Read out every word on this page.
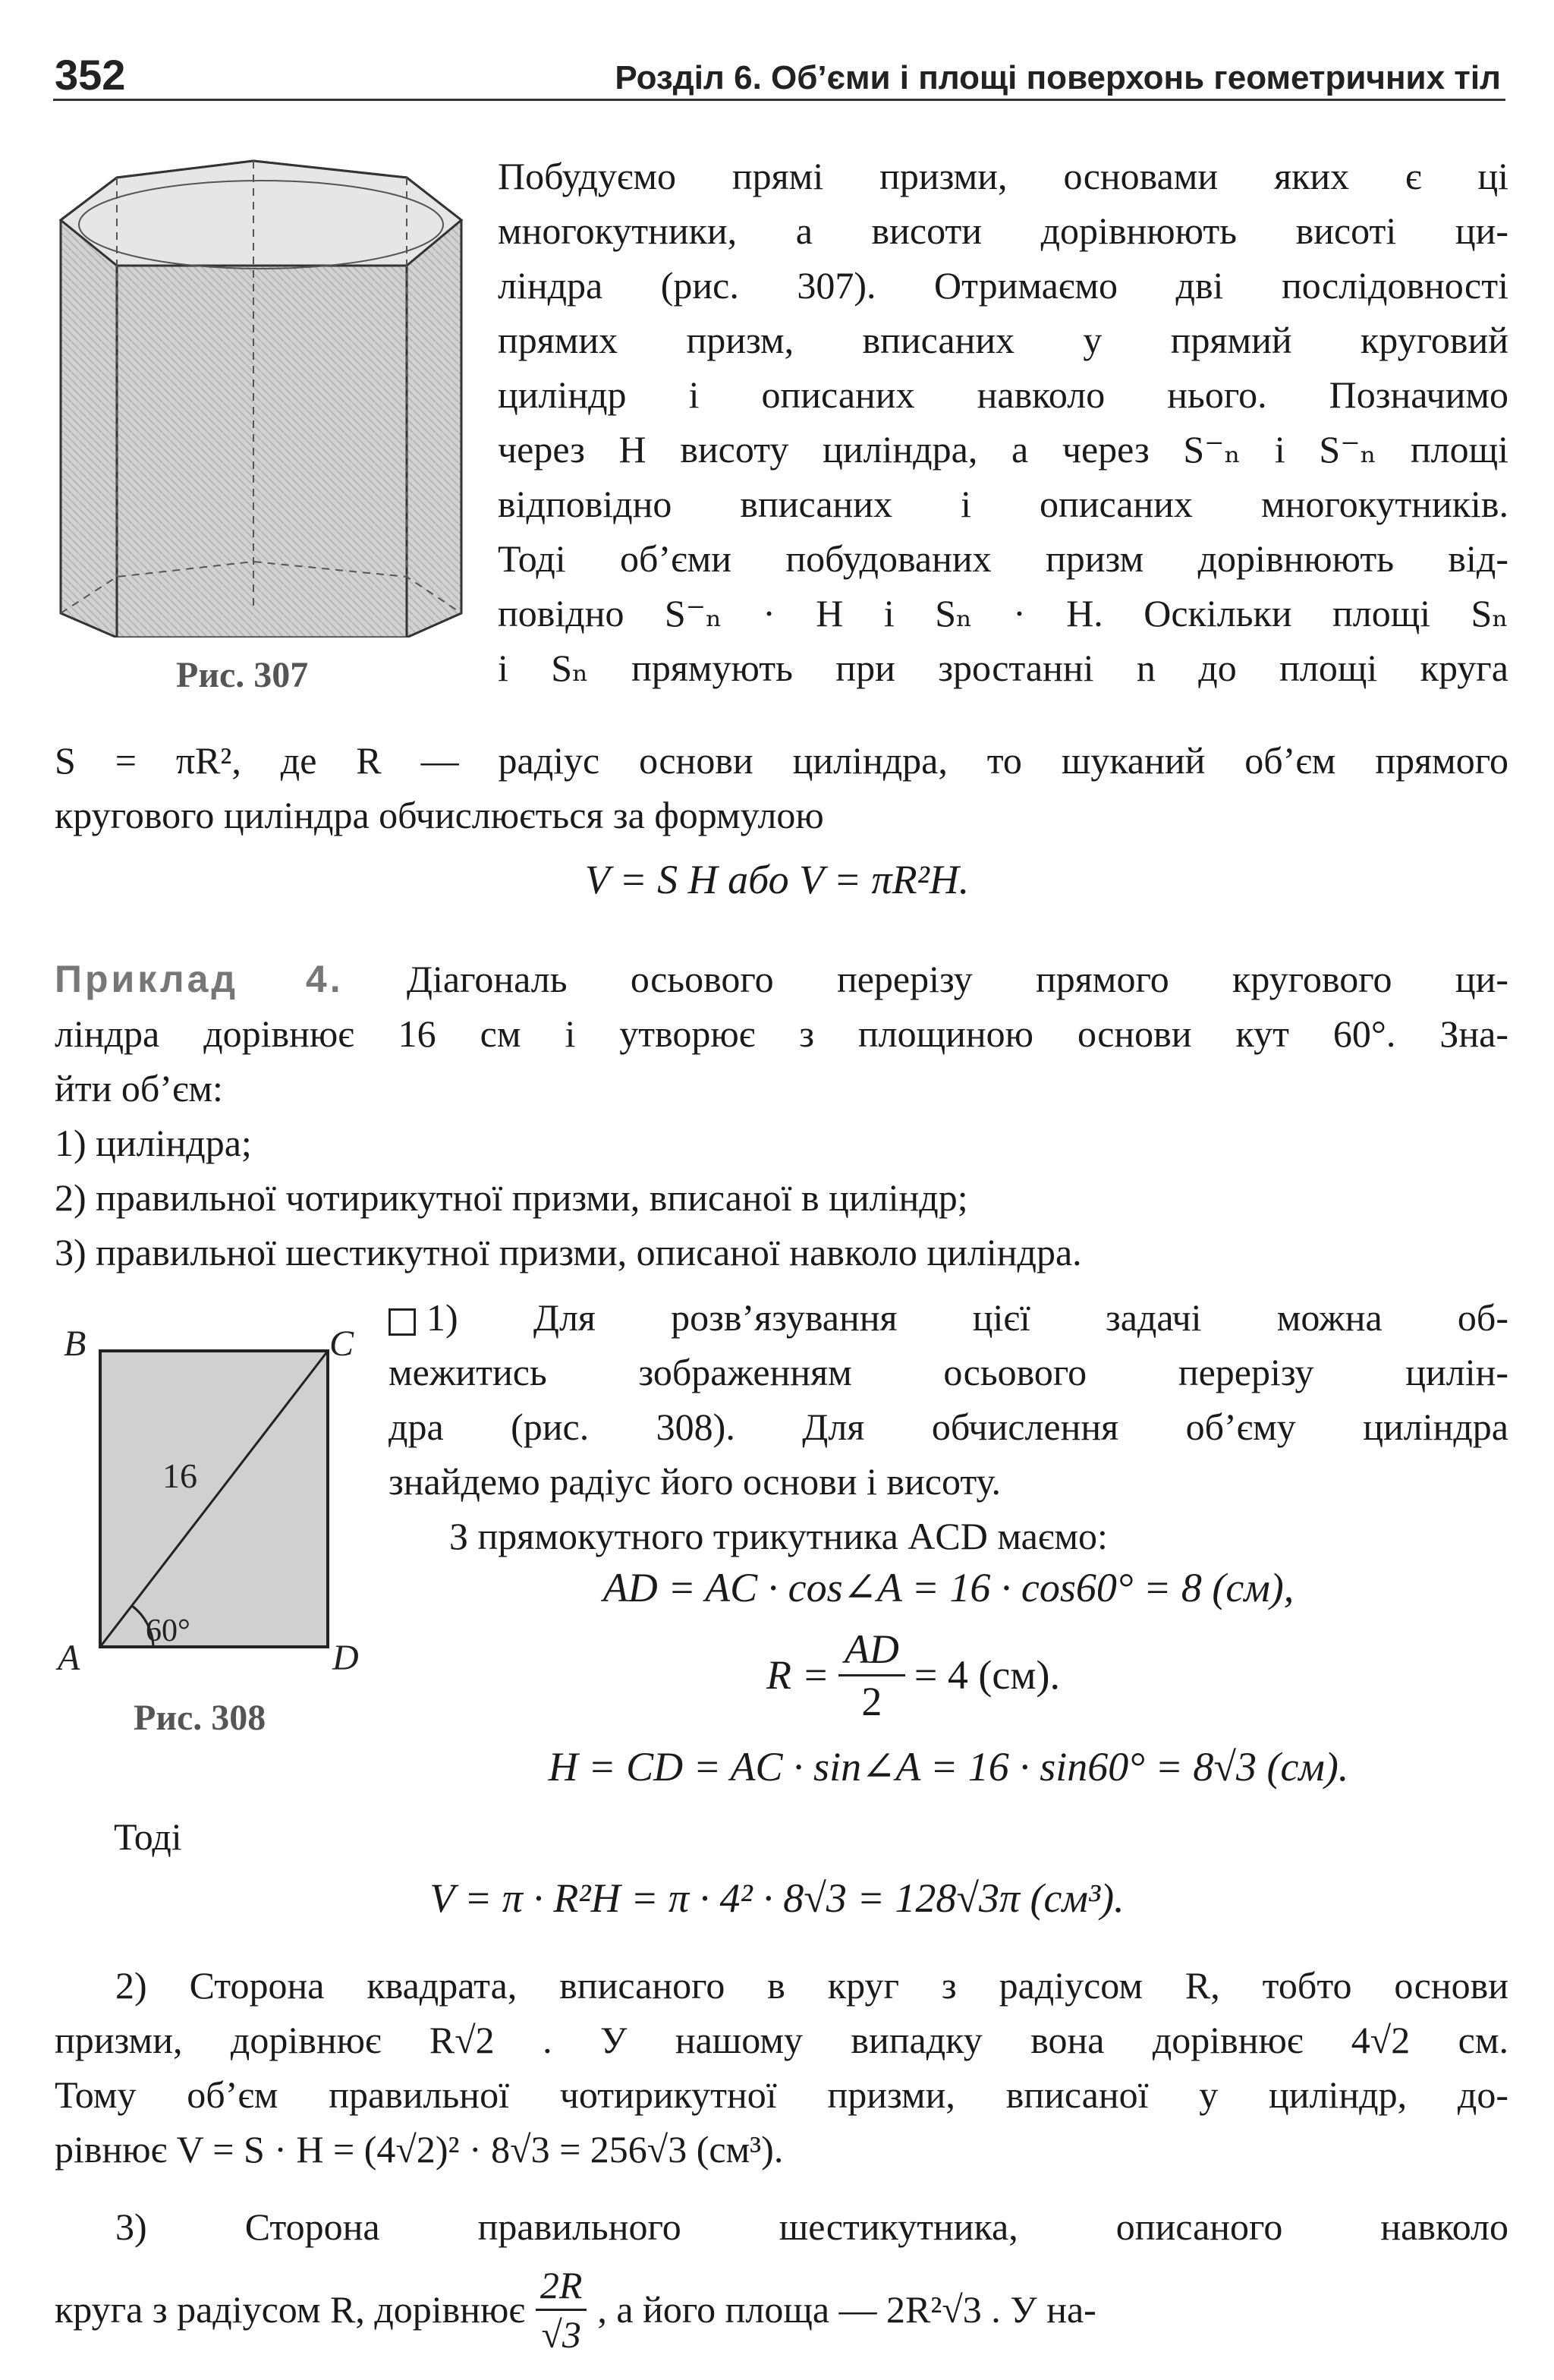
352	Розділ 6. Об’єми і площі поверхонь геометричних тіл
Рис. 307
Побудуємо прямі призми, основами яких є ці
многокутники, а висоти дорівнюють висоті ци-
ліндра (рис. 307). Отримаємо дві послідовності
прямих призм, вписаних у прямий круговий
циліндр і описаних навколо нього. Позначимо
через H висоту циліндра, а через S⁻ₙ і S⁻ₙ площі
відповідно вписаних і описаних многокутників.
Тоді об’єми побудованих призм дорівнюють від-
повідно S⁻ₙ · H і Sₙ · H. Оскільки площі Sₙ
і Sₙ прямують при зростанні n до площі круга
S = πR², де R — радіус основи циліндра, то шуканий об’єм прямого
кругового циліндра обчислюється за формулою
V = S H або V = πR²H.
Приклад 4. Діагональ осьового перерізу прямого кругового ци-
ліндра дорівнює 16 см і утворює з площиною основи кут 60°. Зна-
йти об’єм:
1) циліндра;
2) правильної чотирикутної призми, вписаної в циліндр;
3) правильної шестикутної призми, описаної навколо циліндра.
B	C
A	D
16
60°
Рис. 308
1) Для розв’язування цієї задачі можна об-
межитись зображенням осьового перерізу цилін-
дра (рис. 308). Для обчислення об’єму циліндра
знайдемо радіус його основи і висоту.
З прямокутного трикутника ACD маємо:
AD = AC · cos∠A = 16 · cos60° = 8 (см),
$R = \frac{AD}{2} = 4$ (см).
H = CD = AC · sin∠A = 16 · sin60° = 8√3 (см).
Тоді
V = π · R²H = π · 4² · 8√3 = 128√3π (см³).
2) Сторона квадрата, вписаного в круг з радіусом R, тобто основи
призми, дорівнює R√2 . У нашому випадку вона дорівнює 4√2 см.
Тому об’єм правильної чотирикутної призми, вписаної у циліндр, до-
рівнює V = S · H = (4√2)² · 8√3 = 256√3 (см³).
3) Сторона правильного шестикутника, описаного навколо
круга з радіусом R, дорівнює $\frac{2R}{√3}$ , а його площа — 2R²√3 . У на-
